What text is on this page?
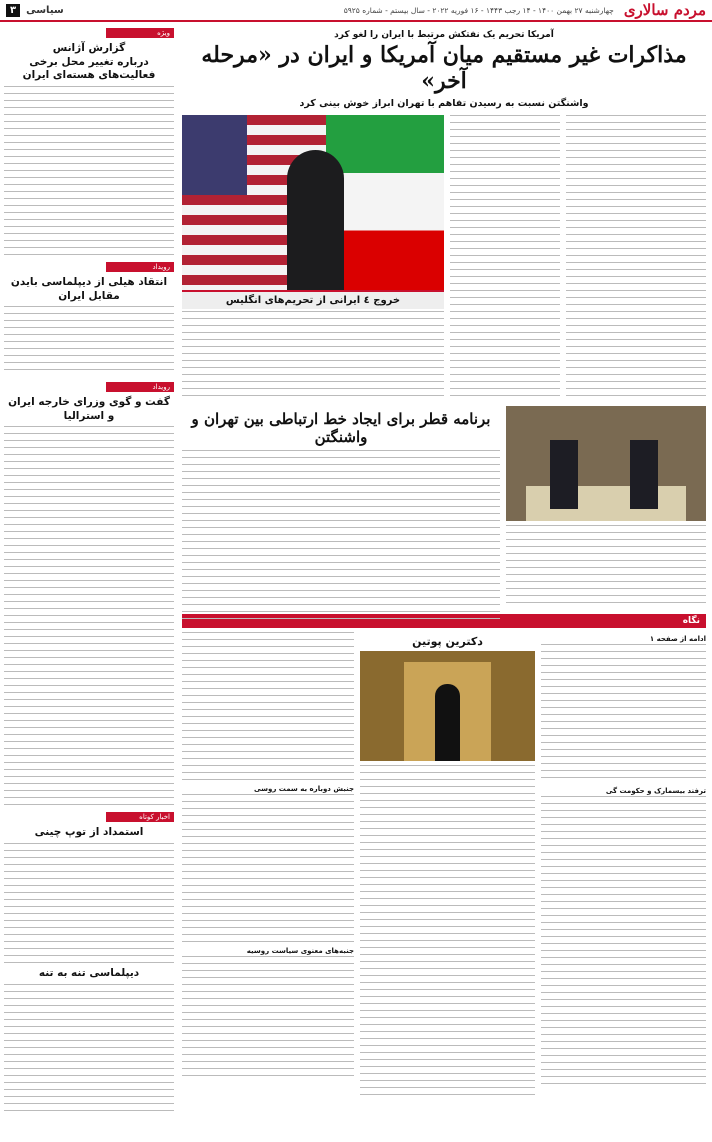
مردم سالاری
چهارشنبه ۲۷ بهمن ۱۴۰۰ - ۱۴ رجب ۱۴۴۳ - ۱۶ فوریه ۲۰۲۲ - سال بیستم - شماره ۵۹۲۵
سیاسی
۳
ویژه
گزارش آژانس
درباره تغییر محل برخی فعالیت‌های هسته‌ای ایران
رویداد
انتقاد هیلی از دیپلماسی بایدن مقابل ایران
رویداد
گفت و گوی وزرای خارجه ایران و استرالیا
اخبار کوتاه
استمداد از توپ چینی
دیپلماسی تنه به تنه
آمریکا تحریم یک نفتکش مرتبط با ایران را لغو کرد
مذاکرات غیر مستقیم میان آمریکا و ایران در «مرحله آخر»
واشنگتن نسبت به رسیدن تفاهم با تهران ابراز خوش بینی کرد
خروج ٤ ایرانی از تحریم‌های انگلیس
برنامه قطر برای ایجاد خط ارتباطی بین تهران و واشنگتن
نگاه
ادامه از صفحه ۱
ترفند بیسمارک و حکومت گی
دکترین پوتین
جنبش دوباره به سمت روسی
جنبه‌های معنوی سیاست روسیه
